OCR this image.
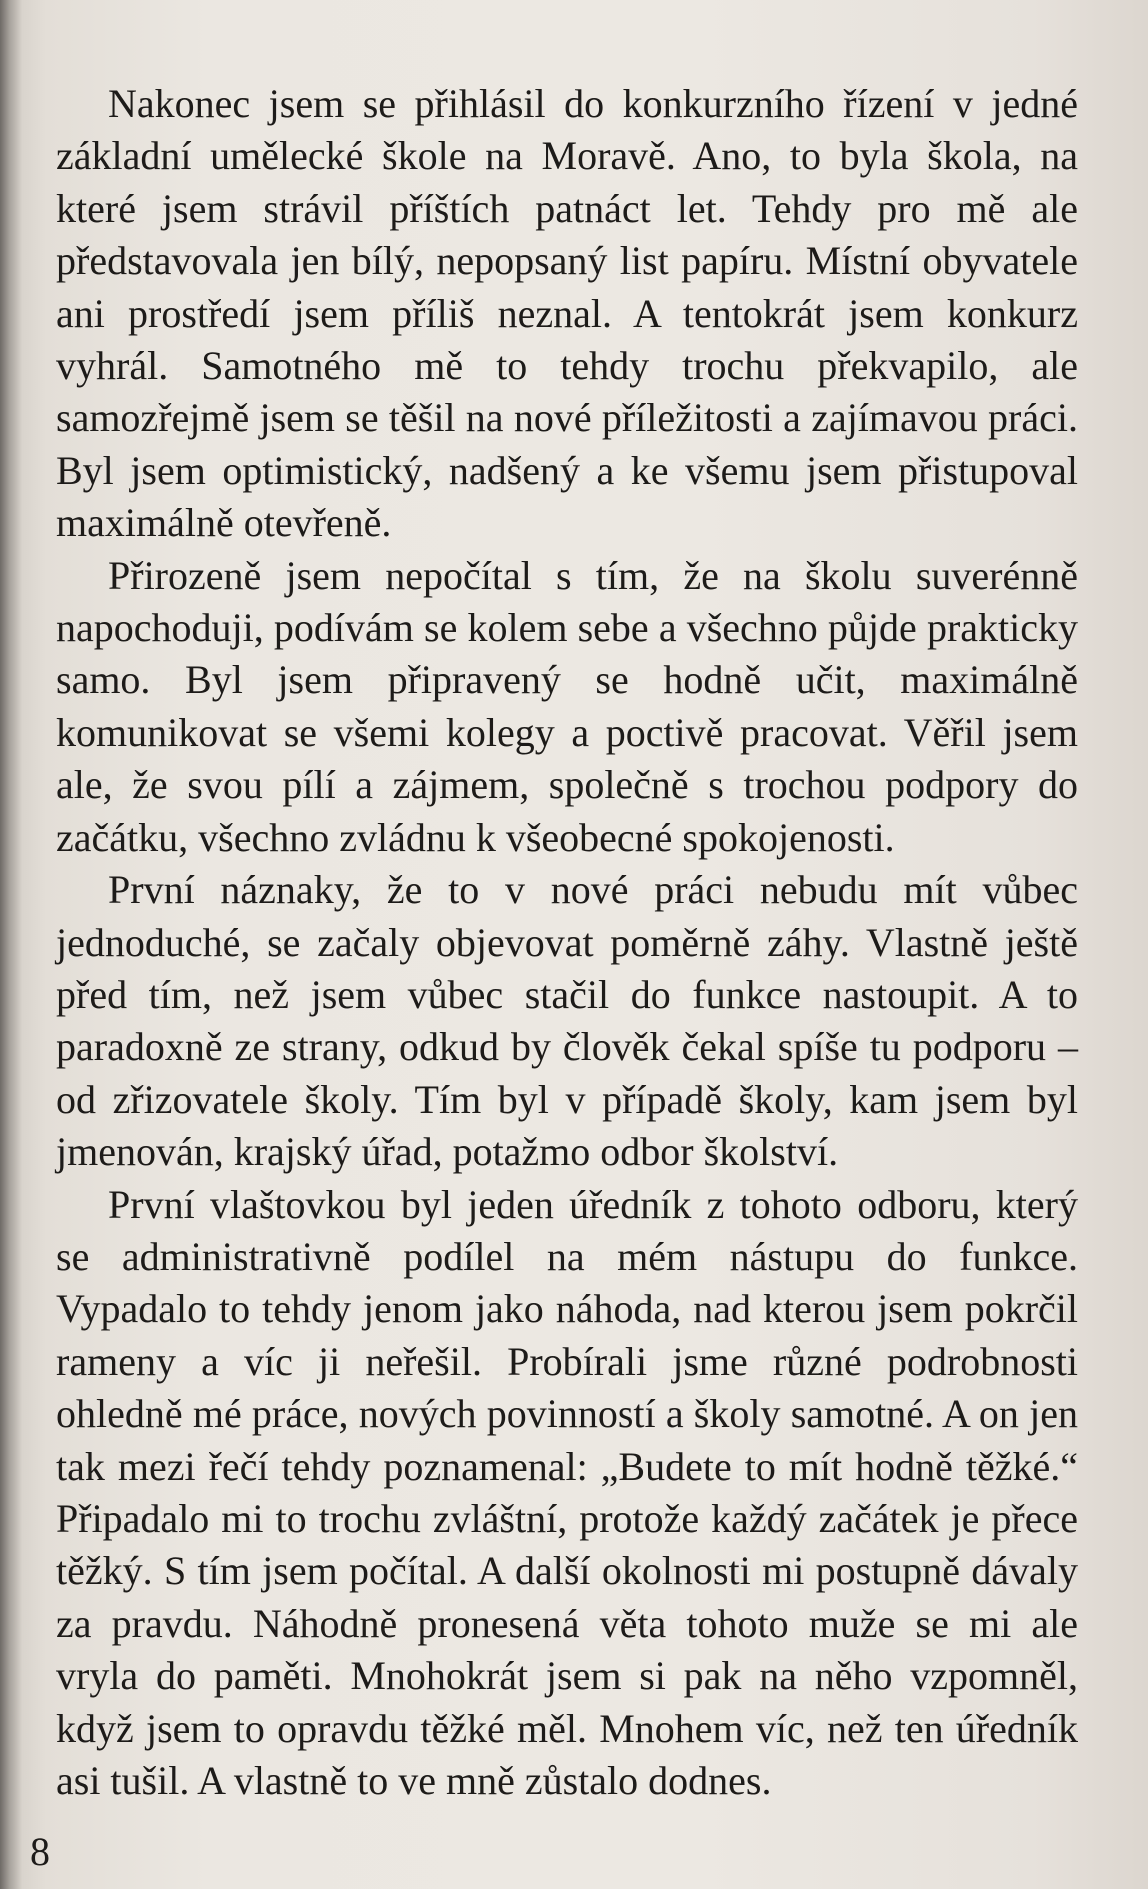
Nakonec jsem se přihlásil do konkurzního řízení v jedné základní umělecké škole na Moravě. Ano, to byla škola, na které jsem strávil příštích patnáct let. Tehdy pro mě ale představovala jen bílý, nepopsaný list papíru. Místní obyvatele ani prostředí jsem příliš neznal. A tentokrát jsem konkurz vyhrál. Samotného mě to tehdy trochu překvapilo, ale samozřejmě jsem se těšil na nové příležitosti a zajímavou práci. Byl jsem optimistický, nadšený a ke všemu jsem přistupoval maximálně otevřeně.

Přirozeně jsem nepočítal s tím, že na školu suverénně napochoduji, podívám se kolem sebe a všechno půjde prakticky samo. Byl jsem připravený se hodně učit, maximálně komunikovat se všemi kolegy a poctivě pracovat. Věřil jsem ale, že svou pílí a zájmem, společně s trochou podpory do začátku, všechno zvládnu k všeobecné spokojenosti.

První náznaky, že to v nové práci nebudu mít vůbec jednoduché, se začaly objevovat poměrně záhy. Vlastně ještě před tím, než jsem vůbec stačil do funkce nastoupit. A to paradoxně ze strany, odkud by člověk čekal spíše tu podporu – od zřizovatele školy. Tím byl v případě školy, kam jsem byl jmenován, krajský úřad, potažmo odbor školství.

První vlaštovkou byl jeden úředník z tohoto odboru, který se administrativně podílel na mém nástupu do funkce. Vypadalo to tehdy jenom jako náhoda, nad kterou jsem pokrčil rameny a víc ji neřešil. Probírali jsme různé podrobnosti ohledně mé práce, nových povinností a školy samotné. A on jen tak mezi řečí tehdy poznamenal: „Budete to mít hodně těžké.“ Připadalo mi to trochu zvláštní, protože každý začátek je přece těžký. S tím jsem počítal. A další okolnosti mi postupně dávaly za pravdu. Náhodně pronesená věta tohoto muže se mi ale vryla do paměti. Mnohokrát jsem si pak na něho vzpomněl, když jsem to opravdu těžké měl. Mnohem víc, než ten úředník asi tušil. A vlastně to ve mně zůstalo dodnes.

8
